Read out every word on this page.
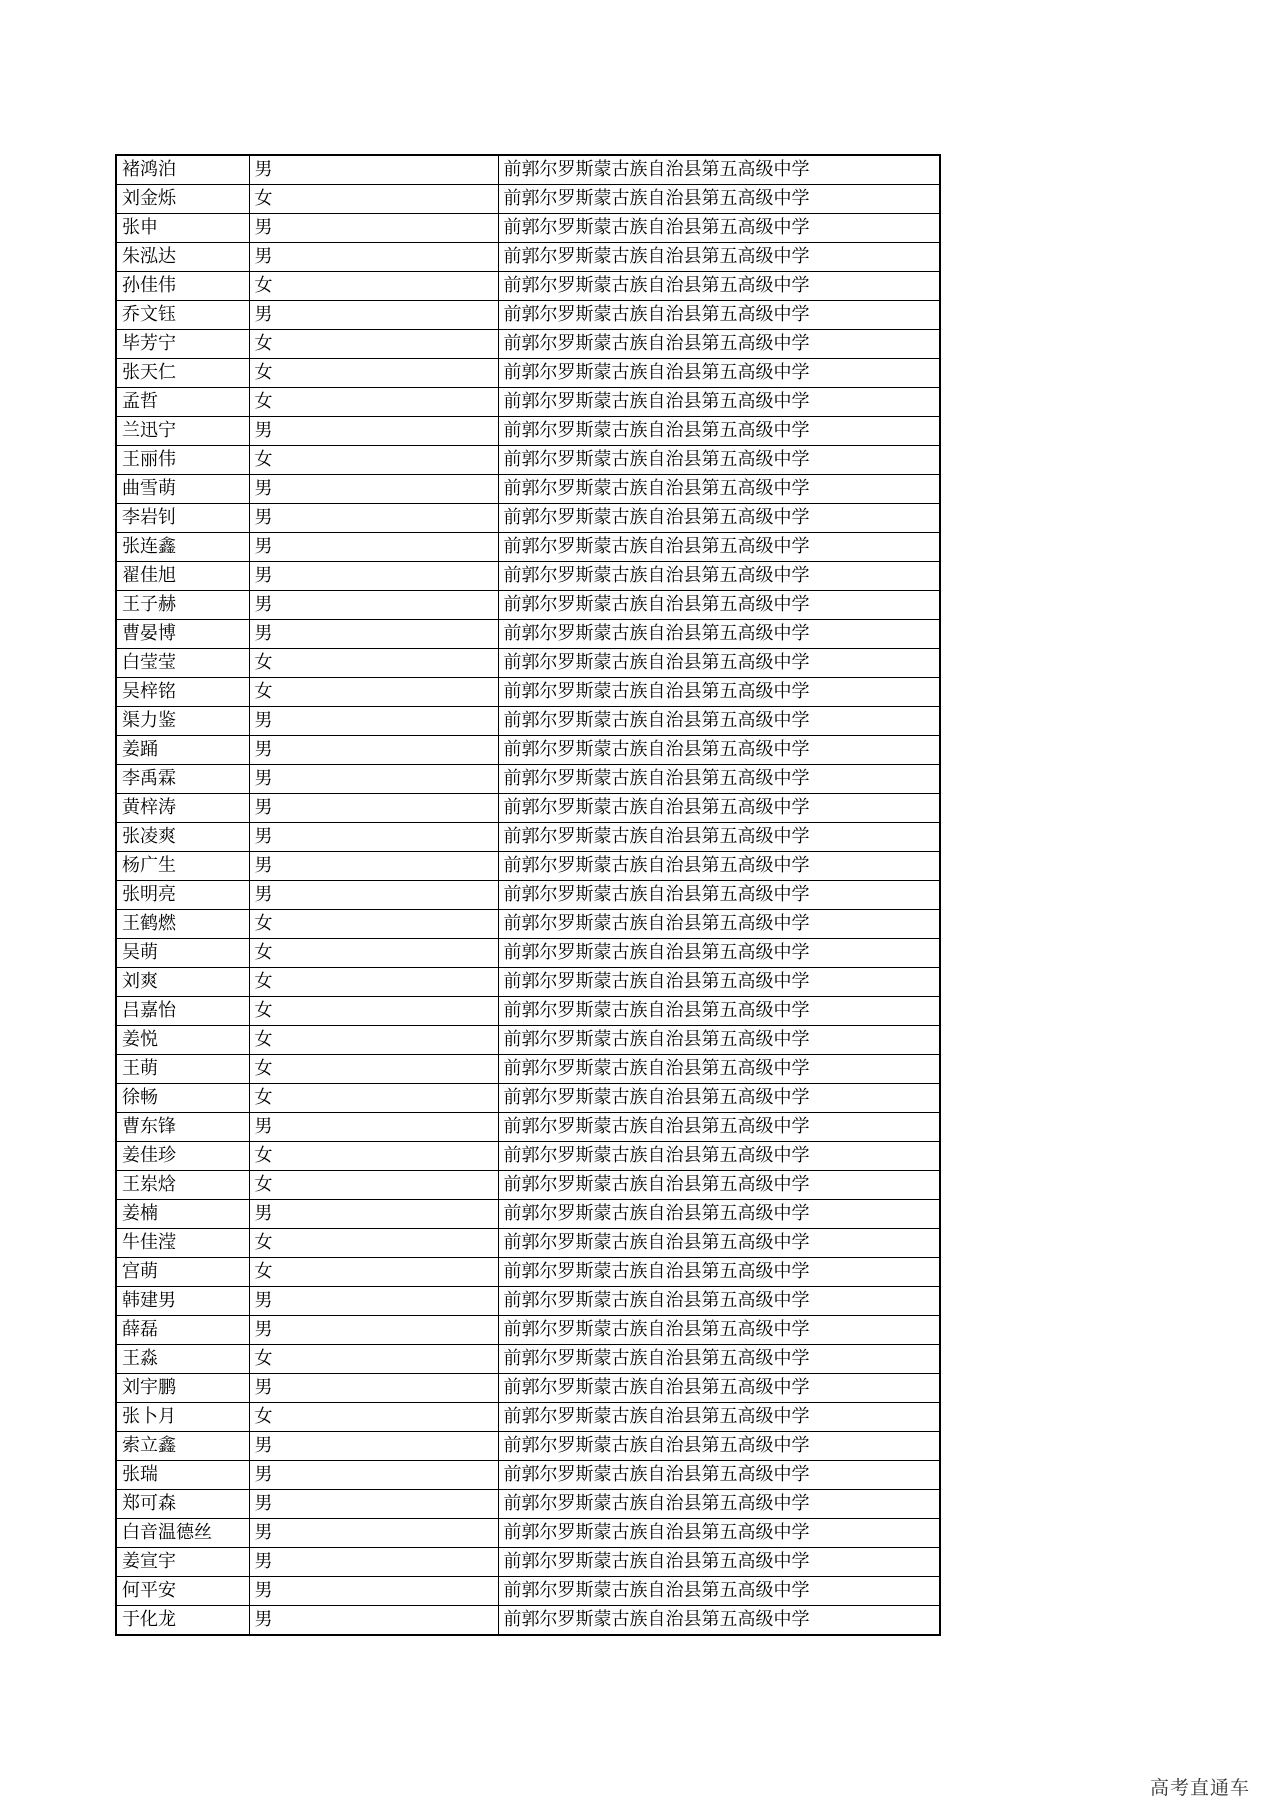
褚鸿泊	男	前郭尔罗斯蒙古族自治县第五高级中学
刘金烁	女	前郭尔罗斯蒙古族自治县第五高级中学
张申	男	前郭尔罗斯蒙古族自治县第五高级中学
朱泓达	男	前郭尔罗斯蒙古族自治县第五高级中学
孙佳伟	女	前郭尔罗斯蒙古族自治县第五高级中学
乔文钰	男	前郭尔罗斯蒙古族自治县第五高级中学
毕芳宁	女	前郭尔罗斯蒙古族自治县第五高级中学
张天仁	女	前郭尔罗斯蒙古族自治县第五高级中学
孟哲	女	前郭尔罗斯蒙古族自治县第五高级中学
兰迅宁	男	前郭尔罗斯蒙古族自治县第五高级中学
王丽伟	女	前郭尔罗斯蒙古族自治县第五高级中学
曲雪萌	男	前郭尔罗斯蒙古族自治县第五高级中学
李岩钊	男	前郭尔罗斯蒙古族自治县第五高级中学
张连鑫	男	前郭尔罗斯蒙古族自治县第五高级中学
翟佳旭	男	前郭尔罗斯蒙古族自治县第五高级中学
王子赫	男	前郭尔罗斯蒙古族自治县第五高级中学
曹晏博	男	前郭尔罗斯蒙古族自治县第五高级中学
白莹莹	女	前郭尔罗斯蒙古族自治县第五高级中学
吴梓铭	女	前郭尔罗斯蒙古族自治县第五高级中学
渠力鉴	男	前郭尔罗斯蒙古族自治县第五高级中学
姜踊	男	前郭尔罗斯蒙古族自治县第五高级中学
李禹霖	男	前郭尔罗斯蒙古族自治县第五高级中学
黄梓涛	男	前郭尔罗斯蒙古族自治县第五高级中学
张凌爽	男	前郭尔罗斯蒙古族自治县第五高级中学
杨广生	男	前郭尔罗斯蒙古族自治县第五高级中学
张明亮	男	前郭尔罗斯蒙古族自治县第五高级中学
王鹤燃	女	前郭尔罗斯蒙古族自治县第五高级中学
吴萌	女	前郭尔罗斯蒙古族自治县第五高级中学
刘爽	女	前郭尔罗斯蒙古族自治县第五高级中学
吕嘉怡	女	前郭尔罗斯蒙古族自治县第五高级中学
姜悦	女	前郭尔罗斯蒙古族自治县第五高级中学
王萌	女	前郭尔罗斯蒙古族自治县第五高级中学
徐畅	女	前郭尔罗斯蒙古族自治县第五高级中学
曹东锋	男	前郭尔罗斯蒙古族自治县第五高级中学
姜佳珍	女	前郭尔罗斯蒙古族自治县第五高级中学
王岽焓	女	前郭尔罗斯蒙古族自治县第五高级中学
姜楠	男	前郭尔罗斯蒙古族自治县第五高级中学
牛佳滢	女	前郭尔罗斯蒙古族自治县第五高级中学
宫萌	女	前郭尔罗斯蒙古族自治县第五高级中学
韩建男	男	前郭尔罗斯蒙古族自治县第五高级中学
薛磊	男	前郭尔罗斯蒙古族自治县第五高级中学
王淼	女	前郭尔罗斯蒙古族自治县第五高级中学
刘宇鹏	男	前郭尔罗斯蒙古族自治县第五高级中学
张卜月	女	前郭尔罗斯蒙古族自治县第五高级中学
索立鑫	男	前郭尔罗斯蒙古族自治县第五高级中学
张瑞	男	前郭尔罗斯蒙古族自治县第五高级中学
郑可森	男	前郭尔罗斯蒙古族自治县第五高级中学
白音温德丝	男	前郭尔罗斯蒙古族自治县第五高级中学
姜宣宇	男	前郭尔罗斯蒙古族自治县第五高级中学
何平安	男	前郭尔罗斯蒙古族自治县第五高级中学
于化龙	男	前郭尔罗斯蒙古族自治县第五高级中学
高考直通车
